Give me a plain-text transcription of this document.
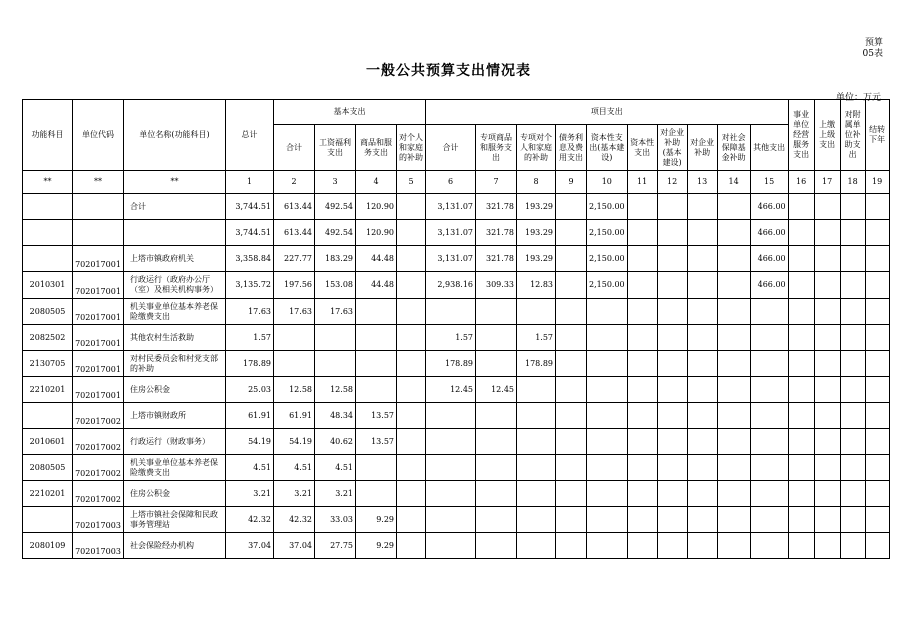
预算
05表
一般公共预算支出情况表
单位：万元
功能科目	单位代码	单位名称(功能科目)	总计	基本支出				项目支出										事业单位经营服务支出	上缴上级支出	对附属单位补助支出	结转下年
				合计	工资福利支出	商品和服务支出	对个人和家庭的补助	合计	专项商品和服务支出	专项对个人和家庭的补助	债务利息及费用支出	资本性支出(基本建设)	资本性支出	对企业补助(基本建设)	对企业补助	对社会保障基金补助	其他支出				

**	**	**	1	2	3	4	5	6	7	8	9	10	11	12	13	14	15	16	17	18	19
		合计	3,744.51	613.44	492.54	120.90		3,131.07	321.78	193.29		2,150.00					466.00				
			3,744.51	613.44	492.54	120.90		3,131.07	321.78	193.29		2,150.00					466.00				
	702017001	上塔市镇政府机关	3,358.84	227.77	183.29	44.48		3,131.07	321.78	193.29		2,150.00					466.00				
2010301	702017001	行政运行（政府办公厅（室）及相关机构事务）	3,135.72	197.56	153.08	44.48		2,938.16	309.33	12.83		2,150.00					466.00				
2080505	702017001	机关事业单位基本养老保险缴费支出	17.63	17.63	17.63																
2082502	702017001	其他农村生活救助	1.57					1.57		1.57											
2130705	702017001	对村民委员会和村党支部的补助	178.89					178.89		178.89											
2210201	702017001	住房公积金	25.03	12.58	12.58			12.45	12.45												
	702017002	上塔市镇财政所	61.91	61.91	48.34	13.57															
2010601	702017002	行政运行（财政事务）	54.19	54.19	40.62	13.57															
2080505	702017002	机关事业单位基本养老保险缴费支出	4.51	4.51	4.51																
2210201	702017002	住房公积金	3.21	3.21	3.21																
	702017003	上塔市镇社会保障和民政事务管理站	42.32	42.32	33.03	9.29															
2080109	702017003	社会保险经办机构	37.04	37.04	27.75	9.29															
